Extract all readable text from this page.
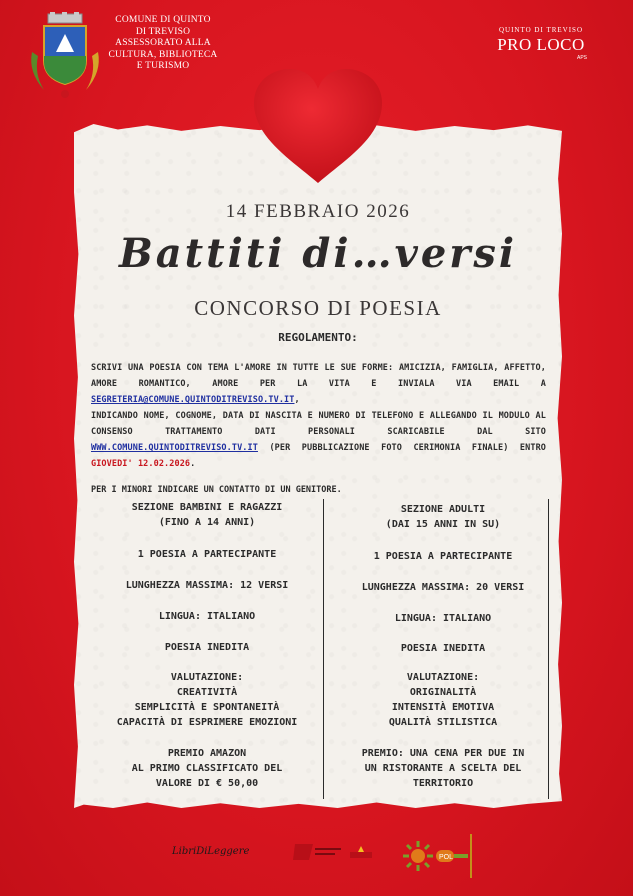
COMUNE DI QUINTO
DI TREVISO
ASSESSORATO ALLA
CULTURA, BIBLIOTECA
E TURISMO
QUINTO DI TREVISO
PRO LOCO
APS
14 FEBBRAIO 2026
Battiti di…versi
CONCORSO DI POESIA
REGOLAMENTO:
SCRIVI UNA POESIA CON TEMA L'AMORE IN TUTTE LE SUE FORME: AMICIZIA, FAMIGLIA, AFFETTO, AMORE ROMANTICO, AMORE PER LA VITA E INVIALA VIA EMAIL A SEGRETERIA@COMUNE.QUINTODITREVISO.TV.IT,
INDICANDO NOME, COGNOME, DATA DI NASCITA E NUMERO DI TELEFONO E ALLEGANDO IL MODULO AL CONSENSO TRATTAMENTO DATI PERSONALI SCARICABILE DAL SITO WWW.COMUNE.QUINTODITREVISO.TV.IT (PER PUBBLICAZIONE FOTO CERIMONIA FINALE) ENTRO GIOVEDI' 12.02.2026.
PER I MINORI INDICARE UN CONTATTO DI UN GENITORE.
SEZIONE BAMBINI E RAGAZZI
(FINO A 14 ANNI)
1 POESIA A PARTECIPANTE
LUNGHEZZA MASSIMA: 12 VERSI
LINGUA: ITALIANO
POESIA INEDITA
VALUTAZIONE:
CREATIVITÀ
SEMPLICITÀ E SPONTANEITÀ
CAPACITÀ DI ESPRIMERE EMOZIONI
PREMIO AMAZON
AL PRIMO CLASSIFICATO DEL
VALORE DI € 50,00
SEZIONE ADULTI
(DAI 15 ANNI IN SU)
1 POESIA A PARTECIPANTE
LUNGHEZZA MASSIMA: 20 VERSI
LINGUA: ITALIANO
POESIA INEDITA
VALUTAZIONE:
ORIGINALITÀ
INTENSITÀ EMOTIVA
QUALITÀ STILISTICA
PREMIO: UNA CENA PER DUE IN
UN RISTORANTE A SCELTA DEL
TERRITORIO
LibriDiLeggere
POL
